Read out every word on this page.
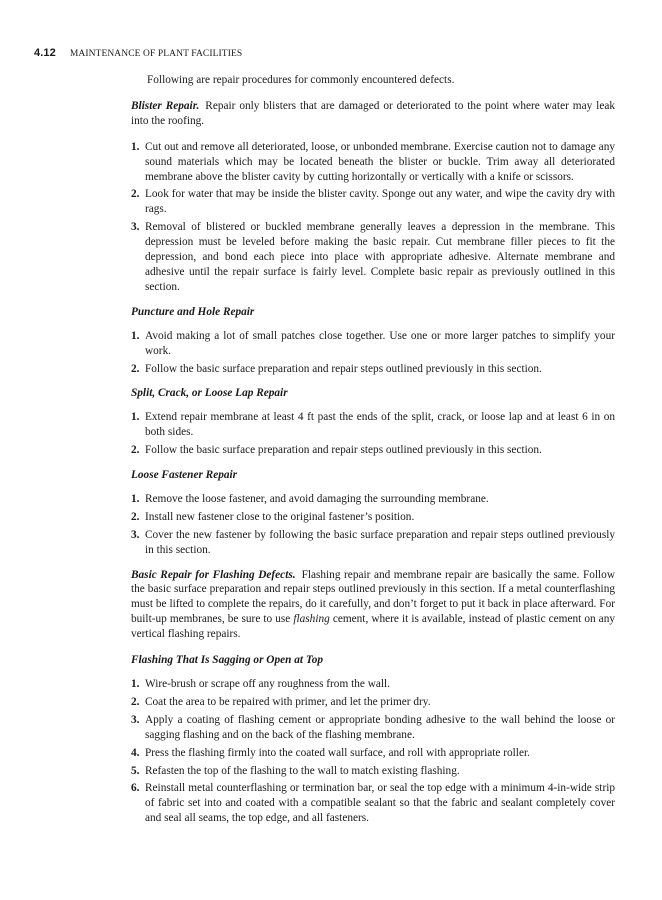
4.12 MAINTENANCE OF PLANT FACILITIES

Following are repair procedures for commonly encountered defects.

Blister Repair. Repair only blisters that are damaged or deteriorated to the point where water may leak into the roofing.

1. Cut out and remove all deteriorated, loose, or unbonded membrane. Exercise caution not to damage any sound materials which may be located beneath the blister or buckle. Trim away all deteriorated membrane above the blister cavity by cutting horizontally or vertically with a knife or scissors.
2. Look for water that may be inside the blister cavity. Sponge out any water, and wipe the cavity dry with rags.
3. Removal of blistered or buckled membrane generally leaves a depression in the membrane. This depression must be leveled before making the basic repair. Cut membrane filler pieces to fit the depression, and bond each piece into place with appropriate adhesive. Alternate membrane and adhesive until the repair surface is fairly level. Complete basic repair as previously outlined in this section.

Puncture and Hole Repair

1. Avoid making a lot of small patches close together. Use one or more larger patches to simplify your work.
2. Follow the basic surface preparation and repair steps outlined previously in this section.

Split, Crack, or Loose Lap Repair

1. Extend repair membrane at least 4 ft past the ends of the split, crack, or loose lap and at least 6 in on both sides.
2. Follow the basic surface preparation and repair steps outlined previously in this section.

Loose Fastener Repair

1. Remove the loose fastener, and avoid damaging the surrounding membrane.
2. Install new fastener close to the original fastener’s position.
3. Cover the new fastener by following the basic surface preparation and repair steps outlined previously in this section.

Basic Repair for Flashing Defects. Flashing repair and membrane repair are basically the same. Follow the basic surface preparation and repair steps outlined previously in this section. If a metal counterflashing must be lifted to complete the repairs, do it carefully, and don’t forget to put it back in place afterward. For built-up membranes, be sure to use flashing cement, where it is available, instead of plastic cement on any vertical flashing repairs.

Flashing That Is Sagging or Open at Top

1. Wire-brush or scrape off any roughness from the wall.
2. Coat the area to be repaired with primer, and let the primer dry.
3. Apply a coating of flashing cement or appropriate bonding adhesive to the wall behind the loose or sagging flashing and on the back of the flashing membrane.
4. Press the flashing firmly into the coated wall surface, and roll with appropriate roller.
5. Refasten the top of the flashing to the wall to match existing flashing.
6. Reinstall metal counterflashing or termination bar, or seal the top edge with a minimum 4-in-wide strip of fabric set into and coated with a compatible sealant so that the fabric and sealant completely cover and seal all seams, the top edge, and all fasteners.
